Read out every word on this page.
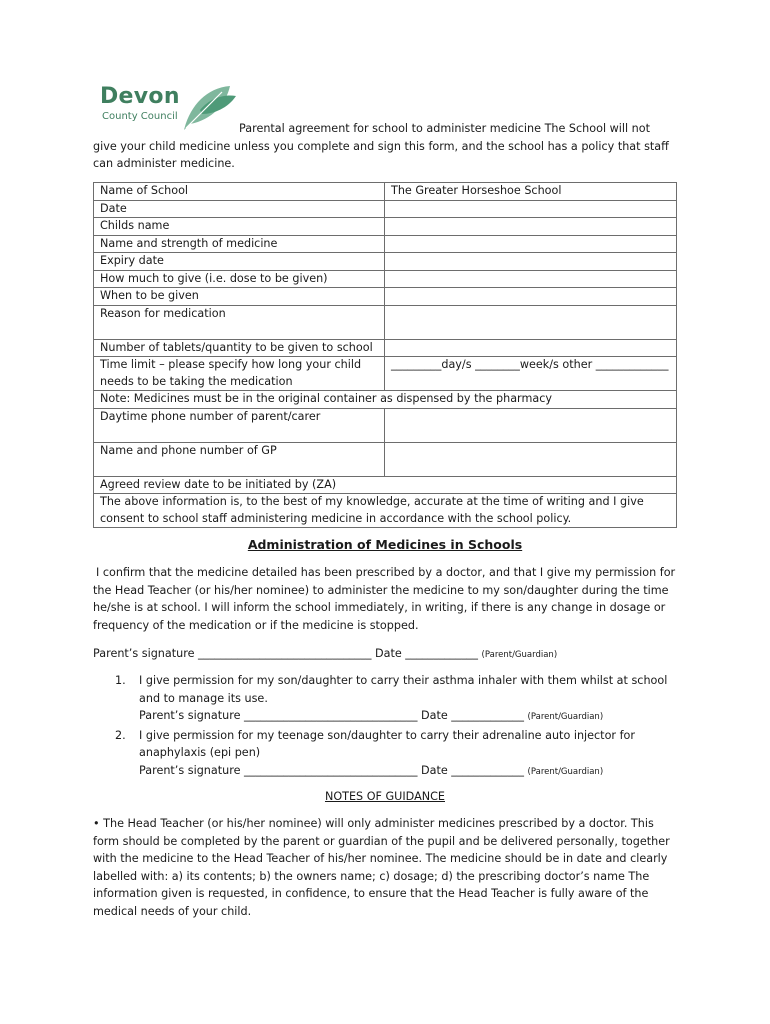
Devon
County Council
Parental agreement for school to administer medicine The School will not
give your child medicine unless you complete and sign this form, and the school has a policy that staff can administer medicine.
Name of School	The Greater Horseshoe School
Date	
Childs name	
Name and strength of medicine	
Expiry date	
How much to give (i.e. dose to be given)	
When to be given	
Reason for medication	
Number of tablets/quantity to be given to school	
Time limit – please specify how long your child needs to be taking the medication	_________day/s ________week/s other _____________
Note: Medicines must be in the original container as dispensed by the pharmacy	
Daytime phone number of parent/carer	
Name and phone number of GP	
Agreed review date to be initiated by (ZA)	
The above information is, to the best of my knowledge, accurate at the time of writing and I give consent to school staff administering medicine in accordance with the school policy.	
Administration of Medicines in Schools

I confirm that the medicine detailed has been prescribed by a doctor, and that I give my permission for the Head Teacher (or his/her nominee) to administer the medicine to my son/daughter during the time he/she is at school. I will inform the school immediately, in writing, if there is any change in dosage or frequency of the medication or if the medicine is stopped.

Parent’s signature _______________________________ Date _____________ (Parent/Guardian)

1. I give permission for my son/daughter to carry their asthma inhaler with them whilst at school and to manage its use.
Parent’s signature _______________________________ Date _____________ (Parent/Guardian)
2. I give permission for my teenage son/daughter to carry their adrenaline auto injector for anaphylaxis (epi pen)
Parent’s signature _______________________________ Date _____________ (Parent/Guardian)
NOTES OF GUIDANCE

• The Head Teacher (or his/her nominee) will only administer medicines prescribed by a doctor. This form should be completed by the parent or guardian of the pupil and be delivered personally, together with the medicine to the Head Teacher of his/her nominee. The medicine should be in date and clearly labelled with: a) its contents; b) the owners name; c) dosage; d) the prescribing doctor’s name The information given is requested, in confidence, to ensure that the Head Teacher is fully aware of the medical needs of your child.
